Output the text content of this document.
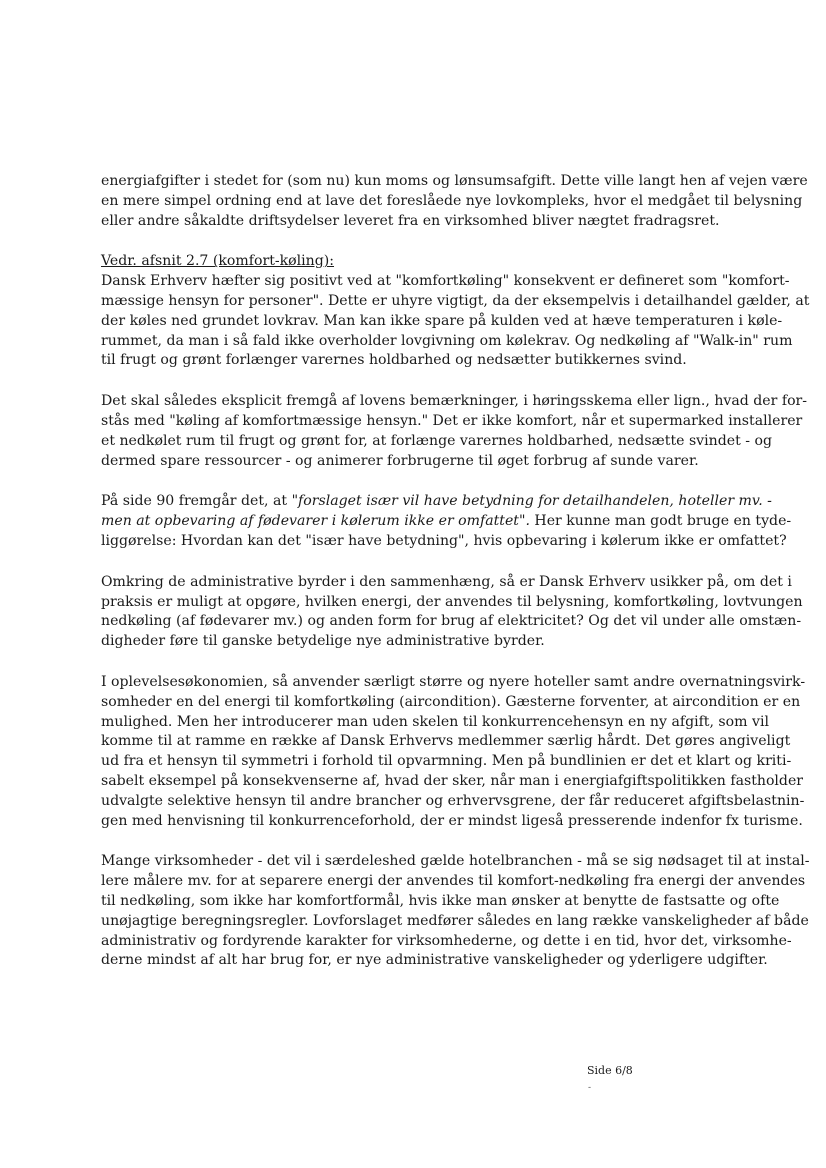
energiafgifter i stedet for (som nu) kun moms og lønsumsafgift. Dette ville langt hen af vejen være
en mere simpel ordning end at lave det foreslåede nye lovkompleks, hvor el medgået til belysning
eller andre såkaldte driftsydelser leveret fra en virksomhed bliver nægtet fradragsret.
Vedr. afsnit 2.7 (komfort-køling):
Dansk Erhverv hæfter sig positivt ved at "komfortkøling" konsekvent er defineret som "komfort-
mæssige hensyn for personer". Dette er uhyre vigtigt, da der eksempelvis i detailhandel gælder, at
der køles ned grundet lovkrav. Man kan ikke spare på kulden ved at hæve temperaturen i køle-
rummet, da man i så fald ikke overholder lovgivning om kølekrav. Og nedkøling af "Walk-in" rum
til frugt og grønt forlænger varernes holdbarhed og nedsætter butikkernes svind.
Det skal således eksplicit fremgå af lovens bemærkninger, i høringsskema eller lign., hvad der for-
stås med "køling af komfortmæssige hensyn." Det er ikke komfort, når et supermarked installerer
et nedkølet rum til frugt og grønt for, at forlænge varernes holdbarhed, nedsætte svindet - og
dermed spare ressourcer - og animerer forbrugerne til øget forbrug af sunde varer.
På side 90 fremgår det, at "forslaget især vil have betydning for detailhandelen, hoteller mv. -
men at opbevaring af fødevarer i kølerum ikke er omfattet". Her kunne man godt bruge en tyde-
liggørelse: Hvordan kan det "især have betydning", hvis opbevaring i kølerum ikke er omfattet?
Omkring de administrative byrder i den sammenhæng, så er Dansk Erhverv usikker på, om det i
praksis er muligt at opgøre, hvilken energi, der anvendes til belysning, komfortkøling, lovtvungen
nedkøling (af fødevarer mv.) og anden form for brug af elektricitet? Og det vil under alle omstæn-
digheder føre til ganske betydelige nye administrative byrder.
I oplevelsesøkonomien, så anvender særligt større og nyere hoteller samt andre overnatningsvirk-
somheder en del energi til komfortkøling (aircondition). Gæsterne forventer, at aircondition er en
mulighed. Men her introducerer man uden skelen til konkurrencehensyn en ny afgift, som vil
komme til at ramme en række af Dansk Erhvervs medlemmer særlig hårdt. Det gøres angiveligt
ud fra et hensyn til symmetri i forhold til opvarmning. Men på bundlinien er det et klart og kriti-
sabelt eksempel på konsekvenserne af, hvad der sker, når man i energiafgiftspolitikken fastholder
udvalgte selektive hensyn til andre brancher og erhvervsgrene, der får reduceret afgiftsbelastnin-
gen med henvisning til konkurrenceforhold, der er mindst ligeså presserende indenfor fx turisme.
Mange virksomheder - det vil i særdeleshed gælde hotelbranchen - må se sig nødsaget til at instal-
lere målere mv. for at separere energi der anvendes til komfort-nedkøling fra energi der anvendes
til nedkøling, som ikke har komfortformål, hvis ikke man ønsker at benytte de fastsatte og ofte
unøjagtige beregningsregler. Lovforslaget medfører således en lang række vanskeligheder af både
administrativ og fordyrende karakter for virksomhederne, og dette i en tid, hvor det, virksomhe-
derne mindst af alt har brug for, er nye administrative vanskeligheder og yderligere udgifter.
Side 6/8
-
